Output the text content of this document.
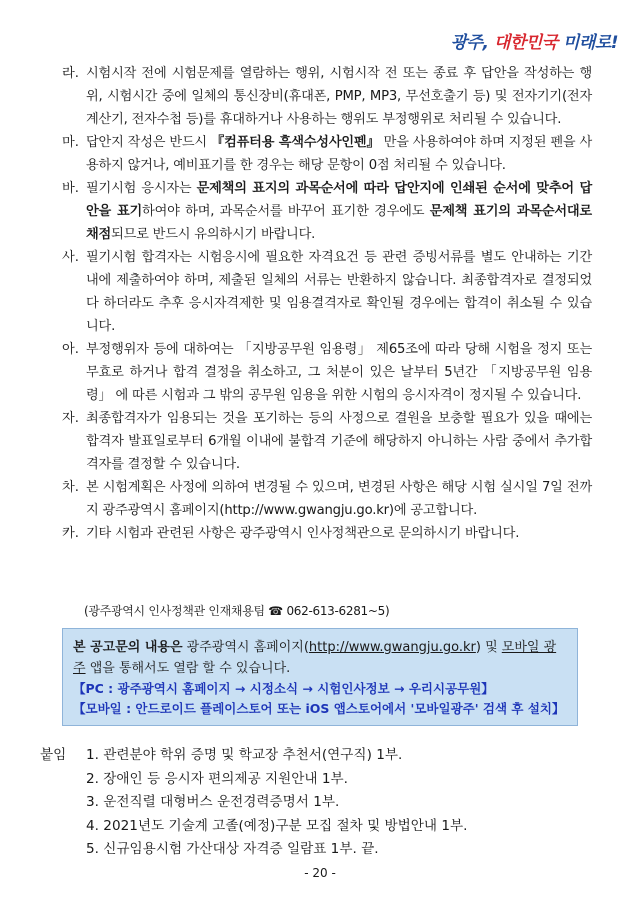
광주, 대한민국 미래로!
라. 시험시작 전에 시험문제를 열람하는 행위, 시험시작 전 또는 종료 후 답안을 작성하는 행위, 시험시간 중에 일체의 통신장비(휴대폰, PMP, MP3, 무선호출기 등) 및 전자기기(전자계산기, 전자수첩 등)를 휴대하거나 사용하는 행위도 부정행위로 처리될 수 있습니다.
마. 답안지 작성은 반드시 『컴퓨터용 흑색수성사인펜』 만을 사용하여야 하며 지정된 펜을 사용하지 않거나, 예비표기를 한 경우는 해당 문항이 0점 처리될 수 있습니다.
바. 필기시험 응시자는 문제책의 표지의 과목순서에 따라 답안지에 인쇄된 순서에 맞추어 답안을 표기하여야 하며, 과목순서를 바꾸어 표기한 경우에도 문제책 표기의 과목순서대로 채점되므로 반드시 유의하시기 바랍니다.
사. 필기시험 합격자는 시험응시에 필요한 자격요건 등 관련 증빙서류를 별도 안내하는 기간 내에 제출하여야 하며, 제출된 일체의 서류는 반환하지 않습니다. 최종합격자로 결정되었다 하더라도 추후 응시자격제한 및 임용결격자로 확인될 경우에는 합격이 취소될 수 있습니다.
아. 부정행위자 등에 대하여는 「지방공무원 임용령」 제65조에 따라 당해 시험을 정지 또는 무효로 하거나 합격 결정을 취소하고, 그 처분이 있은 날부터 5년간 「지방공무원 임용령」 에 따른 시험과 그 밖의 공무원 임용을 위한 시험의 응시자격이 정지될 수 있습니다.
자. 최종합격자가 임용되는 것을 포기하는 등의 사정으로 결원을 보충할 필요가 있을 때에는 합격자 발표일로부터 6개월 이내에 불합격 기준에 해당하지 아니하는 사람 중에서 추가합격자를 결정할 수 있습니다.
차. 본 시험계획은 사정에 의하여 변경될 수 있으며, 변경된 사항은 해당 시험 실시일 7일 전까지 광주광역시 홈페이지(http://www.gwangju.go.kr)에 공고합니다.
카. 기타 시험과 관련된 사항은 광주광역시 인사정책관으로 문의하시기 바랍니다.
(광주광역시 인사정책관 인재채용팀 ☎ 062-613-6281~5)
본 공고문의 내용은 광주광역시 홈페이지(http://www.gwangju.go.kr) 및 모바일 광주 앱을 통해서도 열람 할 수 있습니다.
【PC : 광주광역시 홈페이지 → 시정소식 → 시험인사정보 → 우리시공무원】
【모바일 : 안드로이드 플레이스토어 또는 iOS 앱스토어에서 '모바일광주' 검색 후 설치】
붙임	1. 관련분야 학위 증명 및 학교장 추천서(연구직) 1부.
2. 장애인 등 응시자 편의제공 지원안내 1부.
3. 운전직렬 대형버스 운전경력증명서 1부.
4. 2021년도 기술계 고졸(예정)구분 모집 절차 및 방법안내 1부.
5. 신규임용시험 가산대상 자격증 일람표 1부. 끝.
- 20 -
